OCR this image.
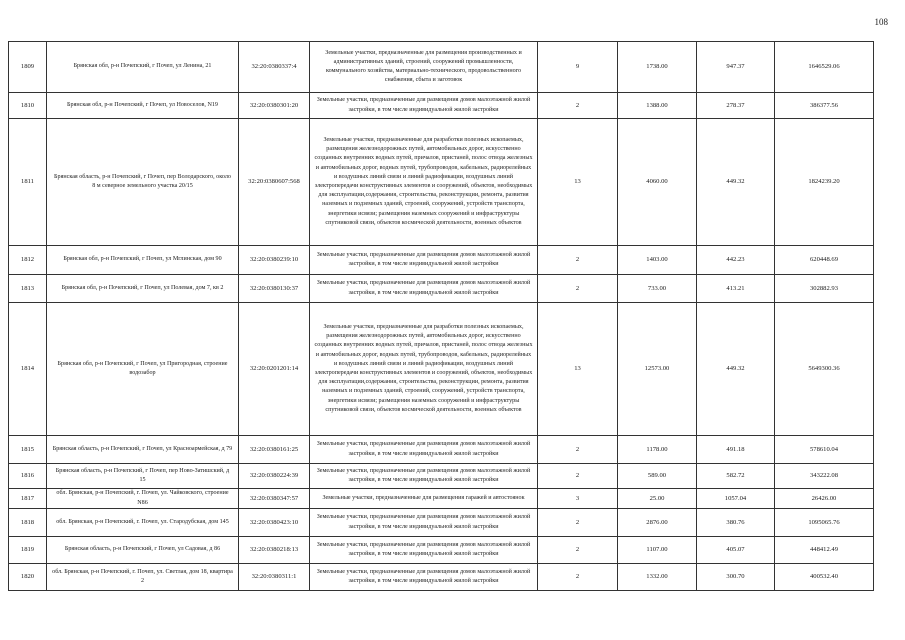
108
1809	Брянская обл, р-н Почепский, г Почеп, ул Ленина, 21	32:20:0380337:4	Земельные участки, предназначенные для размещения производственных и административных зданий, строений, сооружений промышленности, коммунального хозяйства, материально-технического, продовольственного снабжения, сбыта и заготовок	9	1738.00	947.37	1646529.06
1810	Брянская обл, р-н Почепский, г Почеп, ул Новоселов, N19	32:20:0380301:20	Земельные участки, предназначенные для размещения домов малоэтажной жилой застройки, в том числе индивидуальной жилой застройки	2	1388.00	278.37	386377.56
1811	Брянская область, р-н Почепский, г Почеп, пер Володарского, около 8 м северное земельного участка 20/15	32:20:0380607:568	Земельные участки, предназначенные для разработки полезных ископаемых, размещения железнодорожных путей, автомобильных дорог, искусственно созданных внутренних водных путей, причалов, пристаней, полос отвода железных и автомобильных дорог, водных путей, трубопроводов, кабельных, радиорелейных и воздушных линий связи и линий радиофикации, воздушных линий электропередачи конструктивных элементов и сооружений, объектов, необходимых для эксплуатации,содержания, строительства, реконструкции, ремонта, развития наземных и подземных зданий, строений, сооружений, устройств транспорта, энергетики исвязи; размещения наземных сооружений и инфраструктуры спутниковой связи, объектов космической деятельности, военных объектов	13	4060.00	449.32	1824239.20
1812	Брянская обл, р-н Почепский, г Почеп, ул Мглинская, дом 90	32:20:0380239:10	Земельные участки, предназначенные для размещения домов малоэтажной жилой застройки, в том числе индивидуальной жилой застройки	2	1403.00	442.23	620448.69
1813	Брянская обл, р-н Почепский, г Почеп, ул Полевая, дом 7, кв 2	32:20:0380130:37	Земельные участки, предназначенные для размещения домов малоэтажной жилой застройки, в том числе индивидуальной жилой застройки	2	733.00	413.21	302882.93
1814	Брянская обл, р-н Почепский, г Почеп, ул Пригородная, строение водозабор	32:20:0201201:14	Земельные участки, предназначенные для разработки полезных ископаемых, размещения железнодорожных путей, автомобильных дорог, искусственно созданных внутренних водных путей, причалов, пристаней, полос отвода железных и автомобильных дорог, водных путей, трубопроводов, кабельных, радиорелейных и воздушных линий связи и линий радиофикации, воздушных линий электропередачи конструктивных элементов и сооружений, объектов, необходимых для эксплуатации,содержания, строительства, реконструкции, ремонта, развития наземных и подземных зданий, строений, сооружений, устройств транспорта, энергетики исвязи; размещения наземных сооружений и инфраструктуры спутниковой связи, объектов космической деятельности, военных объектов	13	12573.00	449.32	5649300.36
1815	Брянская область, р-н Почепский, г Почеп, ул Красноармейская, д 79	32:20:0380161:25	Земельные участки, предназначенные для размещения домов малоэтажной жилой застройки, в том числе индивидуальной жилой застройки	2	1178.00	491.18	578610.04
1816	Брянская область, р-н Почепский, г Почеп, пер Ново-Затишский, д 15	32:20:0380224:39	Земельные участки, предназначенные для размещения домов малоэтажной жилой застройки, в том числе индивидуальной жилой застройки	2	589.00	582.72	343222.08
1817	обл. Брянская, р-н Почепский, г. Почеп, ул. Чайковского, строение N86	32:20:0380347:57	Земельные участки, предназначенные для размещения гаражей и автостоянок	3	25.00	1057.04	26426.00
1818	обл. Брянская, р-н Почепский, г. Почеп, ул. Стародубская, дом 145	32:20:0380423:10	Земельные участки, предназначенные для размещения домов малоэтажной жилой застройки, в том числе индивидуальной жилой застройки	2	2876.00	380.76	1095065.76
1819	Брянская область, р-н Почепский, г Почеп, ул Садовая, д 86	32:20:0380218:13	Земельные участки, предназначенные для размещения домов малоэтажной жилой застройки, в том числе индивидуальной жилой застройки	2	1107.00	405.07	448412.49
1820	обл. Брянская, р-н Почепский, г. Почеп, ул. Светлая, дом 18, квартира 2	32:20:0380311:1	Земельные участки, предназначенные для размещения домов малоэтажной жилой застройки, в том числе индивидуальной жилой застройки	2	1332.00	300.70	400532.40
